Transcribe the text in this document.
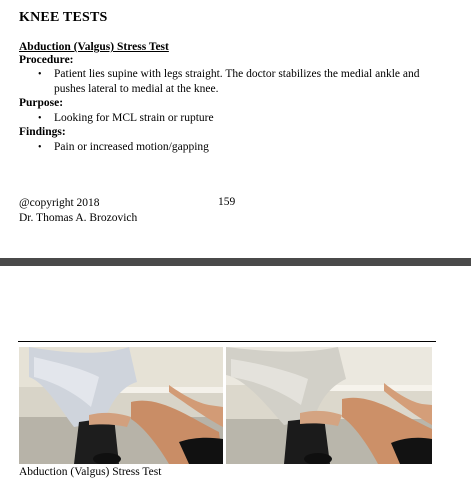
KNEE TESTS
Abduction (Valgus) Stress Test
Procedure:
• Patient lies supine with legs straight. The doctor stabilizes the medial ankle and
pushes lateral to medial at the knee.
Purpose:
• Looking for MCL strain or rupture
Findings:
• Pain or increased motion/gapping
@copyright 2018
Dr. Thomas A. Brozovich
159
Abduction (Valgus) Stress Test
